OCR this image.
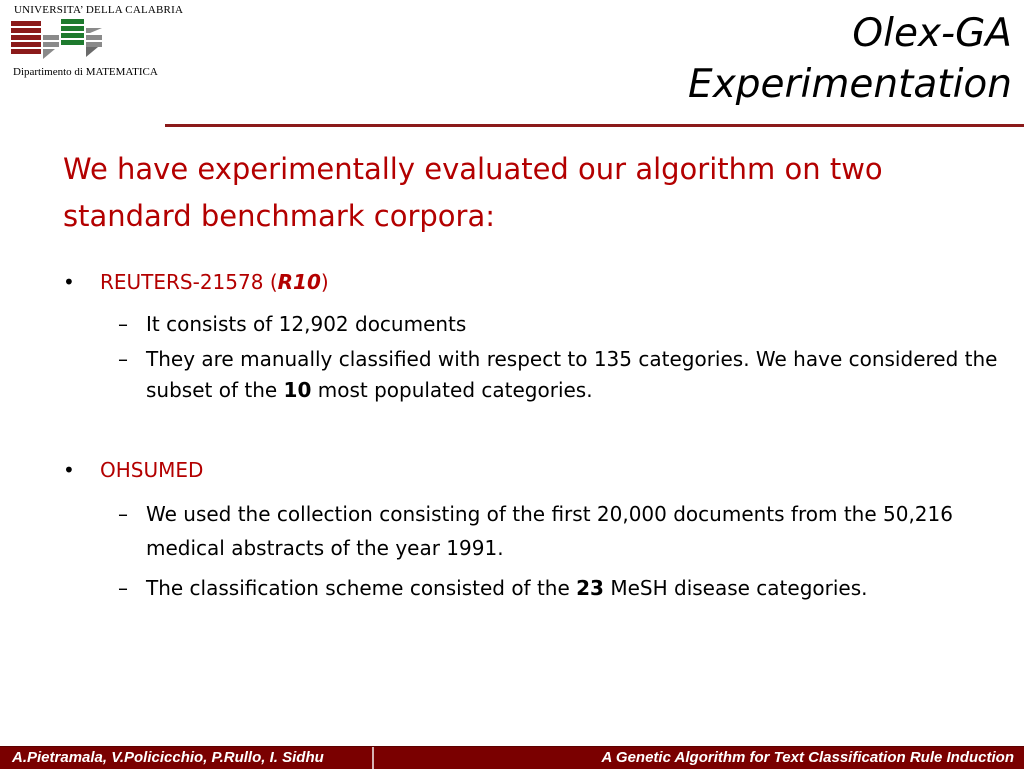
UNIVERSITA’ DELLA CALABRIA
Dipartimento di MATEMATICA
Olex-GA
Experimentation
We have experimentally evaluated our algorithm on two standard benchmark corpora:
• REUTERS-21578 (R10)
– It consists of 12,902 documents
– They are manually classified with respect to 135 categories. We have considered the subset of the 10 most populated categories.
• OHSUMED
– We used the collection consisting of the first 20,000 documents from the 50,216 medical abstracts of the year 1991.
– The classification scheme consisted of the 23 MeSH disease categories.
A.Pietramala, V.Policicchio, P.Rullo, I. Sidhu	A Genetic Algorithm for Text Classification Rule Induction
